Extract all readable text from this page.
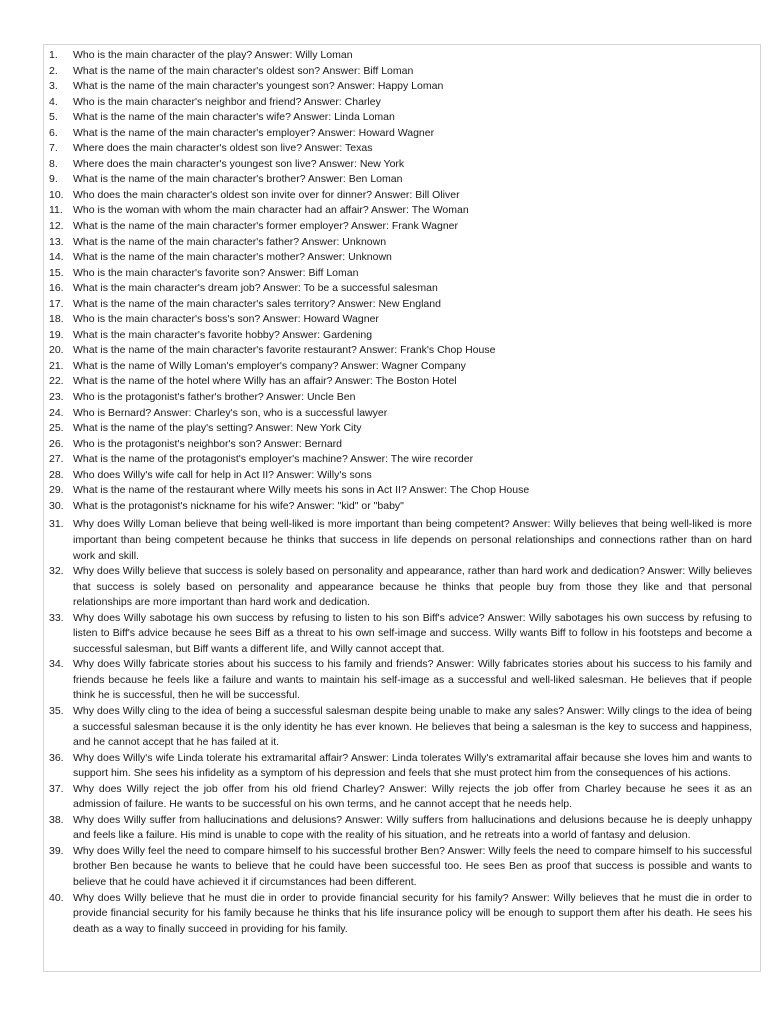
1.	Who is the main character of the play? Answer: Willy Loman
2.	What is the name of the main character's oldest son? Answer: Biff Loman
3.	What is the name of the main character's youngest son? Answer: Happy Loman
4.	Who is the main character's neighbor and friend? Answer: Charley
5.	What is the name of the main character's wife? Answer: Linda Loman
6.	What is the name of the main character's employer? Answer: Howard Wagner
7.	Where does the main character's oldest son live? Answer: Texas
8.	Where does the main character's youngest son live? Answer: New York
9.	What is the name of the main character's brother? Answer: Ben Loman
10. Who does the main character's oldest son invite over for dinner? Answer: Bill Oliver
11. Who is the woman with whom the main character had an affair? Answer: The Woman
12. What is the name of the main character's former employer? Answer: Frank Wagner
13. What is the name of the main character's father? Answer: Unknown
14. What is the name of the main character's mother? Answer: Unknown
15. Who is the main character's favorite son? Answer: Biff Loman
16. What is the main character's dream job? Answer: To be a successful salesman
17. What is the name of the main character's sales territory? Answer: New England
18. Who is the main character's boss's son? Answer: Howard Wagner
19. What is the main character's favorite hobby? Answer: Gardening
20. What is the name of the main character's favorite restaurant? Answer: Frank's Chop House
21. What is the name of Willy Loman's employer's company? Answer: Wagner Company
22. What is the name of the hotel where Willy has an affair? Answer: The Boston Hotel
23. Who is the protagonist's father's brother? Answer: Uncle Ben
24. Who is Bernard? Answer: Charley's son, who is a successful lawyer
25. What is the name of the play's setting? Answer: New York City
26. Who is the protagonist's neighbor's son? Answer: Bernard
27. What is the name of the protagonist's employer's machine? Answer: The wire recorder
28. Who does Willy's wife call for help in Act II? Answer: Willy's sons
29. What is the name of the restaurant where Willy meets his sons in Act II? Answer: The Chop House
30. What is the protagonist's nickname for his wife? Answer: "kid" or "baby"
31. Why does Willy Loman believe that being well-liked is more important than being competent? Answer: Willy believes that being well-liked is more important than being competent because he thinks that success in life depends on personal relationships and connections rather than on hard work and skill.
32. Why does Willy believe that success is solely based on personality and appearance, rather than hard work and dedication? Answer: Willy believes that success is solely based on personality and appearance because he thinks that people buy from those they like and that personal relationships are more important than hard work and dedication.
33. Why does Willy sabotage his own success by refusing to listen to his son Biff's advice? Answer: Willy sabotages his own success by refusing to listen to Biff's advice because he sees Biff as a threat to his own self-image and success. Willy wants Biff to follow in his footsteps and become a successful salesman, but Biff wants a different life, and Willy cannot accept that.
34. Why does Willy fabricate stories about his success to his family and friends? Answer: Willy fabricates stories about his success to his family and friends because he feels like a failure and wants to maintain his self-image as a successful and well-liked salesman. He believes that if people think he is successful, then he will be successful.
35. Why does Willy cling to the idea of being a successful salesman despite being unable to make any sales? Answer: Willy clings to the idea of being a successful salesman because it is the only identity he has ever known. He believes that being a salesman is the key to success and happiness, and he cannot accept that he has failed at it.
36. Why does Willy's wife Linda tolerate his extramarital affair? Answer: Linda tolerates Willy's extramarital affair because she loves him and wants to support him. She sees his infidelity as a symptom of his depression and feels that she must protect him from the consequences of his actions.
37. Why does Willy reject the job offer from his old friend Charley? Answer: Willy rejects the job offer from Charley because he sees it as an admission of failure. He wants to be successful on his own terms, and he cannot accept that he needs help.
38. Why does Willy suffer from hallucinations and delusions? Answer: Willy suffers from hallucinations and delusions because he is deeply unhappy and feels like a failure. His mind is unable to cope with the reality of his situation, and he retreats into a world of fantasy and delusion.
39. Why does Willy feel the need to compare himself to his successful brother Ben? Answer: Willy feels the need to compare himself to his successful brother Ben because he wants to believe that he could have been successful too. He sees Ben as proof that success is possible and wants to believe that he could have achieved it if circumstances had been different.
40. Why does Willy believe that he must die in order to provide financial security for his family? Answer: Willy believes that he must die in order to provide financial security for his family because he thinks that his life insurance policy will be enough to support them after his death. He sees his death as a way to finally succeed in providing for his family.
